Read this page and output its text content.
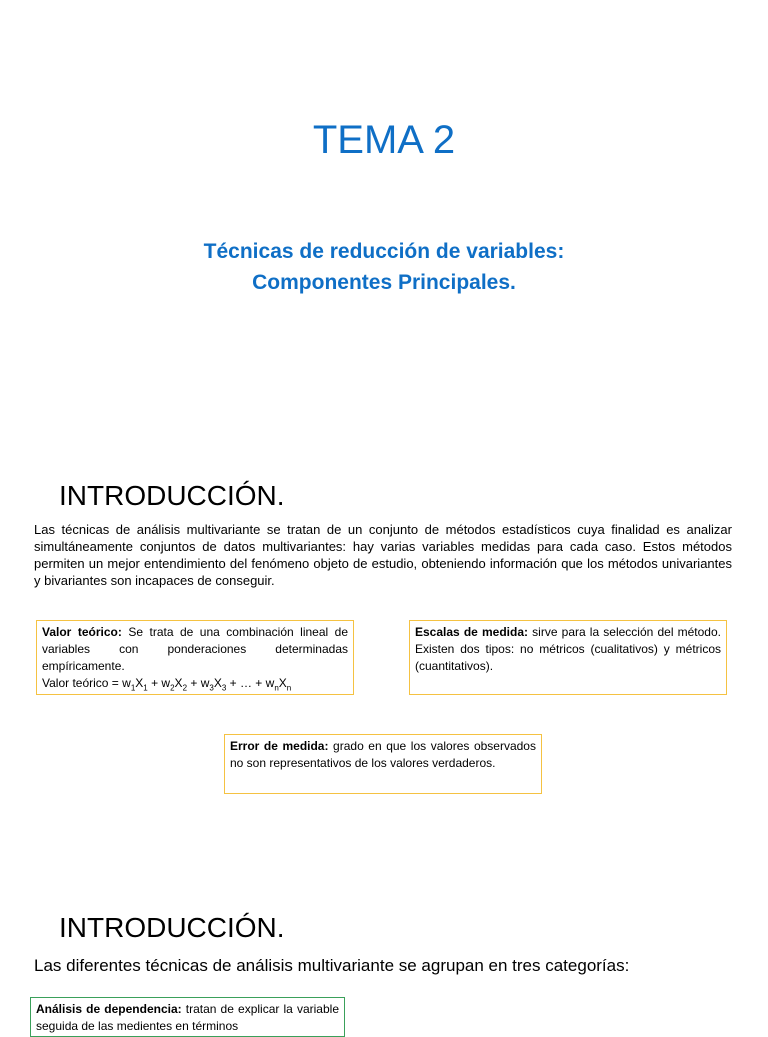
TEMA 2
Técnicas de reducción de variables:
Componentes Principales.
INTRODUCCIÓN.

Las técnicas de análisis multivariante se tratan de un conjunto de métodos estadísticos cuya finalidad es analizar simultáneamente conjuntos de datos multivariantes: hay varias variables medidas para cada caso. Estos métodos permiten un mejor entendimiento del fenómeno objeto de estudio, obteniendo información que los métodos univariantes y bivariantes son incapaces de conseguir.

Valor teórico: Se trata de una combinación lineal de variables con ponderaciones determinadas empíricamente.
Valor teórico = $w_1X_1 + w_2X_2 + w_3X_3$ + … + $w_nX_n$
Escalas de medida: sirve para la selección del método. Existen dos tipos: no métricos (cualitativos) y métricos (cuantitativos).
Error de medida: grado en que los valores observados no son representativos de los valores verdaderos.
INTRODUCCIÓN.

Las diferentes técnicas de análisis multivariante se agrupan en tres categorías:

Análisis de dependencia: tratan de explicar la variable seguida de las medientes en términos
